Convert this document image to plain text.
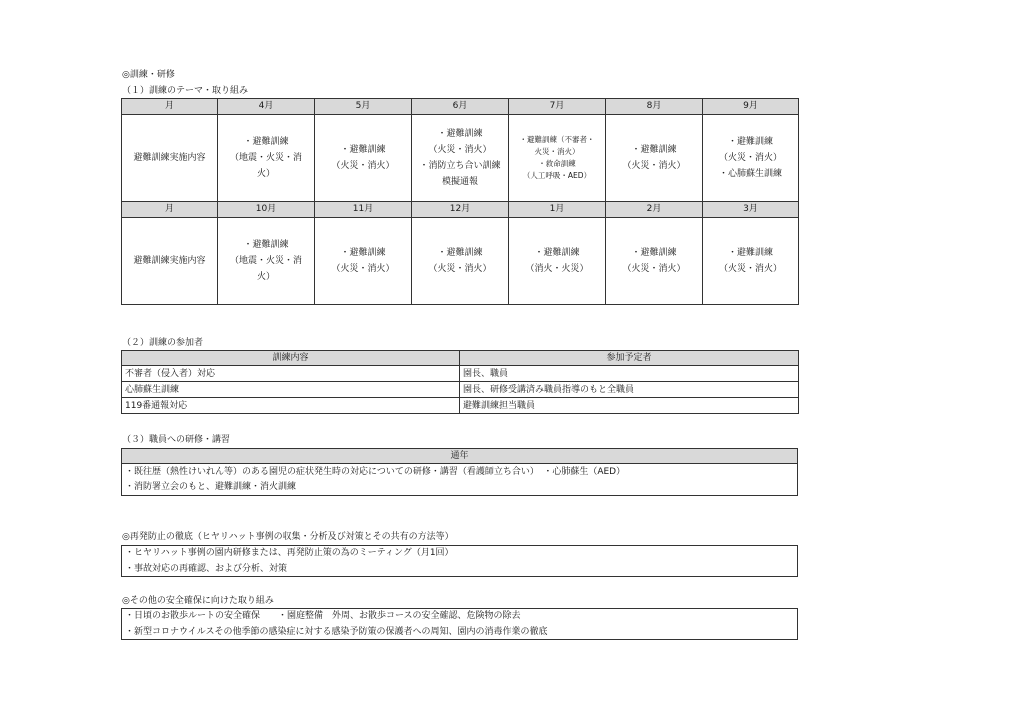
◎訓練・研修
（１）訓練のテーマ・取り組み
月	4月	5月	6月	7月	8月	9月
避難訓練実施内容	・避難訓練
（地震・火災・消
火）	・避難訓練
（火災・消火）	・避難訓練
（火災・消火）
・消防立ち合い訓練
模擬通報	・避難訓練（不審者・
火災・消火）
・救命訓練
（人工呼吸・AED）	・避難訓練
（火災・消火）	・避難訓練
（火災・消火）
・心肺蘇生訓練

月	10月	11月	12月	1月	2月	3月
避難訓練実施内容	・避難訓練
（地震・火災・消
火）	・避難訓練
（火災・消火）	・避難訓練
（火災・消火）	・避難訓練
（消火・火災）	・避難訓練
（火災・消火）	・避難訓練
（火災・消火）
（２）訓練の参加者
訓練内容	参加予定者
不審者（侵入者）対応	園長、職員
心肺蘇生訓練	園長、研修受講済み職員指導のもと全職員
119番通報対応	避難訓練担当職員
（３）職員への研修・講習
通年

・既往歴（熱性けいれん等）のある園児の症状発生時の対応についての研修・講習（看護師立ち合い）　・心肺蘇生（AED）
・消防署立会のもと、避難訓練・消火訓練
◎再発防止の徹底（ヒヤリハット事例の収集・分析及び対策とその共有の方法等）
・ヒヤリハット事例の園内研修または、再発防止策の為のミーティング（月1回）
・事故対応の再確認、および分析、対策
◎その他の安全確保に向けた取り組み
・日頃のお散歩ルートの安全確保　　・園庭整備　外周、お散歩コースの安全確認、危険物の除去
・新型コロナウイルスその他季節の感染症に対する感染予防策の保護者への周知、園内の消毒作業の徹底
